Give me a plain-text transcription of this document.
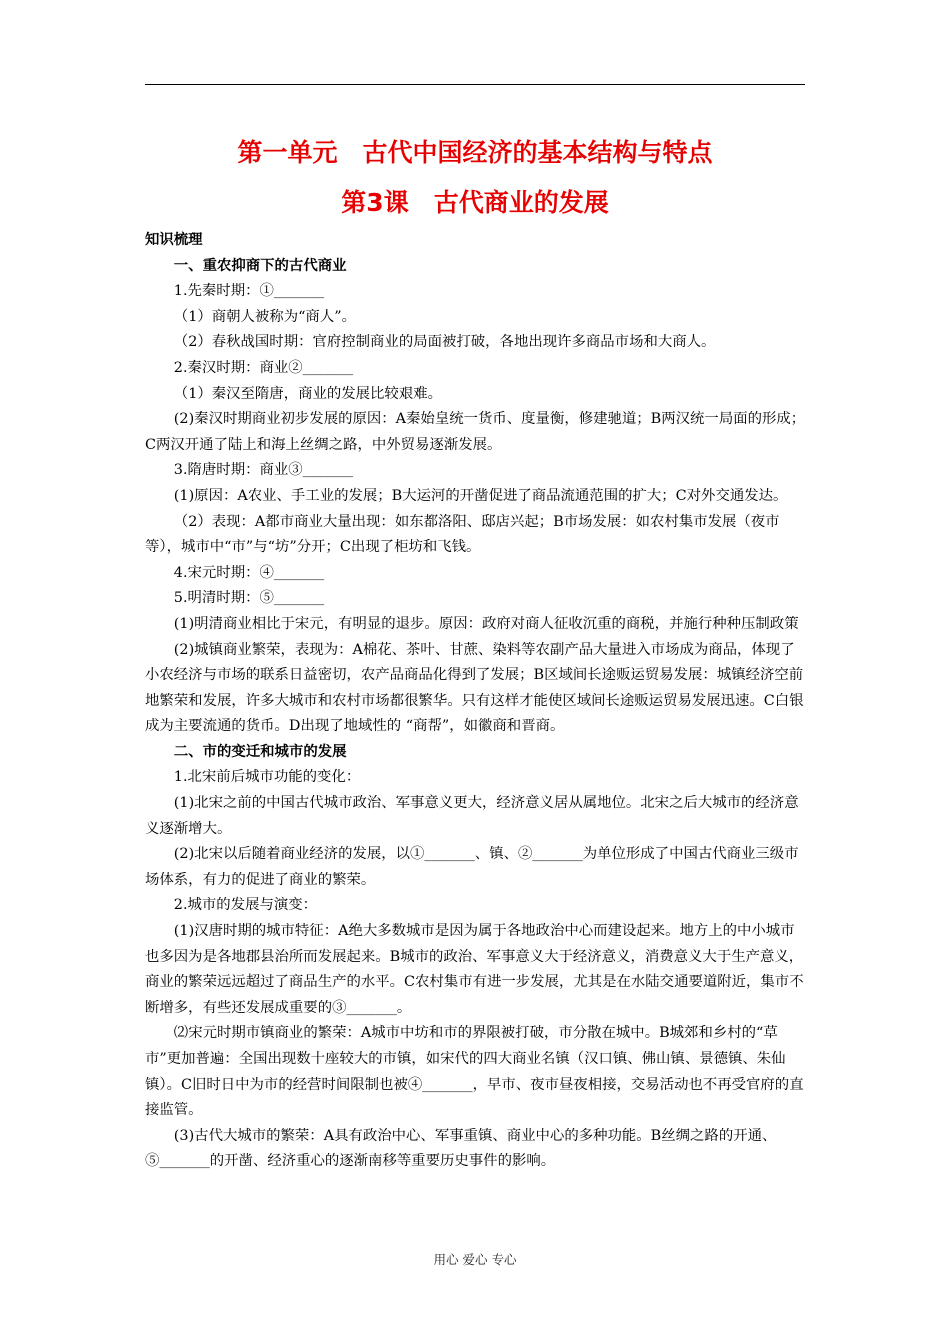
第一单元　古代中国经济的基本结构与特点
第3课　古代商业的发展

知识梳理

一、重农抑商下的古代商业

1.先秦时期：①_______

（1）商朝人被称为“商人”。

（2）春秋战国时期：官府控制商业的局面被打破，各地出现许多商品市场和大商人。

2.秦汉时期：商业②_______

（1）秦汉至隋唐，商业的发展比较艰难。

(2)秦汉时期商业初步发展的原因：A秦始皇统一货币、度量衡，修建驰道；B两汉统一局面的形成；C两汉开通了陆上和海上丝绸之路，中外贸易逐渐发展。

3.隋唐时期：商业③_______

(1)原因：A农业、手工业的发展；B大运河的开凿促进了商品流通范围的扩大；C对外交通发达。

（2）表现：A都市商业大量出现：如东都洛阳、邸店兴起；B市场发展：如农村集市发展（夜市等），城市中“市”与“坊”分开；C出现了柜坊和飞钱。

4.宋元时期：④_______

5.明清时期：⑤_______

(1)明清商业相比于宋元，有明显的退步。原因：政府对商人征收沉重的商税，并施行种种压制政策

(2)城镇商业繁荣，表现为：A棉花、茶叶、甘蔗、染料等农副产品大量进入市场成为商品，体现了小农经济与市场的联系日益密切，农产品商品化得到了发展；B区域间长途贩运贸易发展：城镇经济空前地繁荣和发展，许多大城市和农村市场都很繁华。只有这样才能使区域间长途贩运贸易发展迅速。C白银成为主要流通的货币。D出现了地域性的 “商帮”，如徽商和晋商。

二、市的变迁和城市的发展

1.北宋前后城市功能的变化：

(1)北宋之前的中国古代城市政治、军事意义更大，经济意义居从属地位。北宋之后大城市的经济意义逐渐增大。

(2)北宋以后随着商业经济的发展，以①_______、镇、②_______为单位形成了中国古代商业三级市场体系，有力的促进了商业的繁荣。

2.城市的发展与演变：

(1)汉唐时期的城市特征：A绝大多数城市是因为属于各地政治中心而建设起来。地方上的中小城市也多因为是各地郡县治所而发展起来。B城市的政治、军事意义大于经济意义，消费意义大于生产意义，商业的繁荣远远超过了商品生产的水平。C农村集市有进一步发展，尤其是在水陆交通要道附近，集市不断增多，有些还发展成重要的③_______。

⑵宋元时期市镇商业的繁荣：A城市中坊和市的界限被打破，市分散在城中。B城郊和乡村的“草市”更加普遍：全国出现数十座较大的市镇，如宋代的四大商业名镇（汉口镇、佛山镇、景德镇、朱仙镇）。C旧时日中为市的经营时间限制也被④_______，早市、夜市昼夜相接，交易活动也不再受官府的直接监管。

(3)古代大城市的繁荣：A具有政治中心、军事重镇、商业中心的多种功能。B丝绸之路的开通、⑤_______的开凿、经济重心的逐渐南移等重要历史事件的影响。

用心 爱心 专心
